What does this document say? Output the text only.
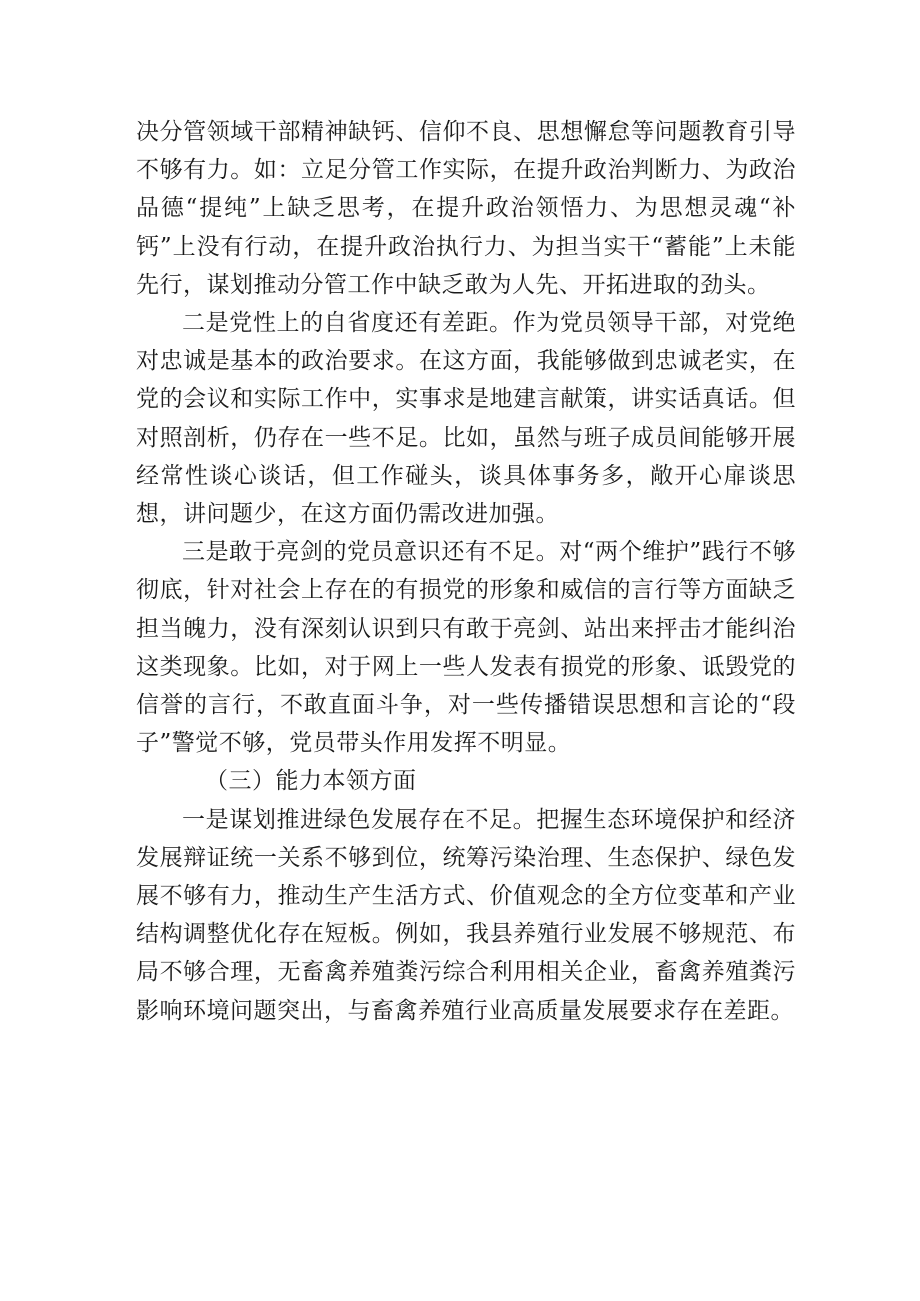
决分管领域干部精神缺钙、信仰不良、思想懈怠等问题教育引导不够有力。如：立足分管工作实际，在提升政治判断力、为政治品德“提纯”上缺乏思考，在提升政治领悟力、为思想灵魂“补钙”上没有行动，在提升政治执行力、为担当实干“蓄能”上未能先行，谋划推动分管工作中缺乏敢为人先、开拓进取的劲头。

二是党性上的自省度还有差距。作为党员领导干部，对党绝对忠诚是基本的政治要求。在这方面，我能够做到忠诚老实，在党的会议和实际工作中，实事求是地建言献策，讲实话真话。但对照剖析，仍存在一些不足。比如，虽然与班子成员间能够开展经常性谈心谈话，但工作碰头，谈具体事务多，敞开心扉谈思想，讲问题少，在这方面仍需改进加强。

三是敢于亮剑的党员意识还有不足。对“两个维护”践行不够彻底，针对社会上存在的有损党的形象和威信的言行等方面缺乏担当魄力，没有深刻认识到只有敢于亮剑、站出来抨击才能纠治这类现象。比如，对于网上一些人发表有损党的形象、诋毁党的信誉的言行，不敢直面斗争，对一些传播错误思想和言论的“段子”警觉不够，党员带头作用发挥不明显。

（三）能力本领方面

一是谋划推进绿色发展存在不足。把握生态环境保护和经济发展辩证统一关系不够到位，统筹污染治理、生态保护、绿色发展不够有力，推动生产生活方式、价值观念的全方位变革和产业结构调整优化存在短板。例如，我县养殖行业发展不够规范、布局不够合理，无畜禽养殖粪污综合利用相关企业，畜禽养殖粪污影响环境问题突出，与畜禽养殖行业高质量发展要求存在差距。
